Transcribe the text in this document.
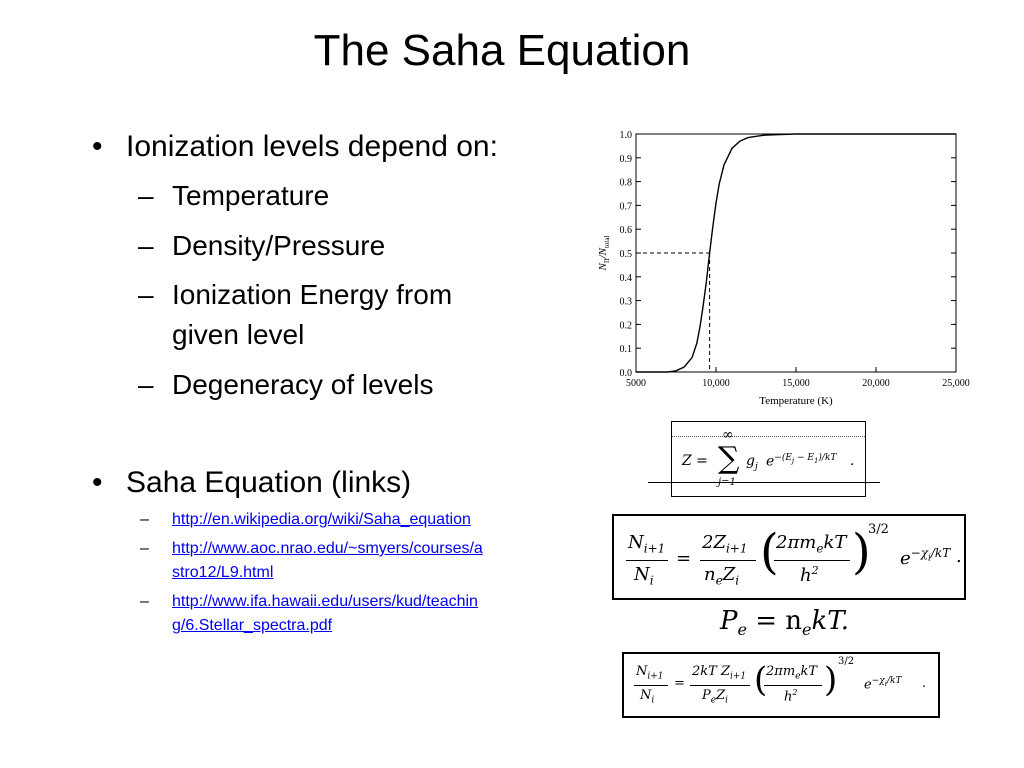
The Saha Equation
• Ionization levels depend on:
– Temperature
– Density/Pressure
– Ionization Energy from
given level
– Degeneracy of levels
• Saha Equation (links)
– http://en.wikipedia.org/wiki/Saha_equation
– http://www.aoc.nrao.edu/~smyers/courses/a
stro12/L9.html
– http://www.ifa.hawaii.edu/users/kud/teachin
g/6.Stellar_spectra.pdf
0.0
0.1
0.2
0.3
0.4
0.5
0.6
0.7
0.8
0.9
1.0
5000	10,000	15,000	20,000	25,000
Temperature (K)
$N_{II}/N_{total}$
Z =
∞
∑
j=1
$g_j$ $e^{-(E_j - E_1)/kT}$ .
$N_{i+1}$
$N_i$
=
$2Z_{i+1}$
$n_eZ_i$
(
$2\pi m_ekT$
$h^2$ )
3/2
$e^{-\chi_i/kT}$ .
$P_e = n_ekT$.
$N_{i+1}$
$N_i$
=
2kT $Z_{i+1}$
$P_eZ_i$
(
$2\pi m_ekT$
$h^2$ ) 3/2
$e^{-\chi_i/kT}$ .
